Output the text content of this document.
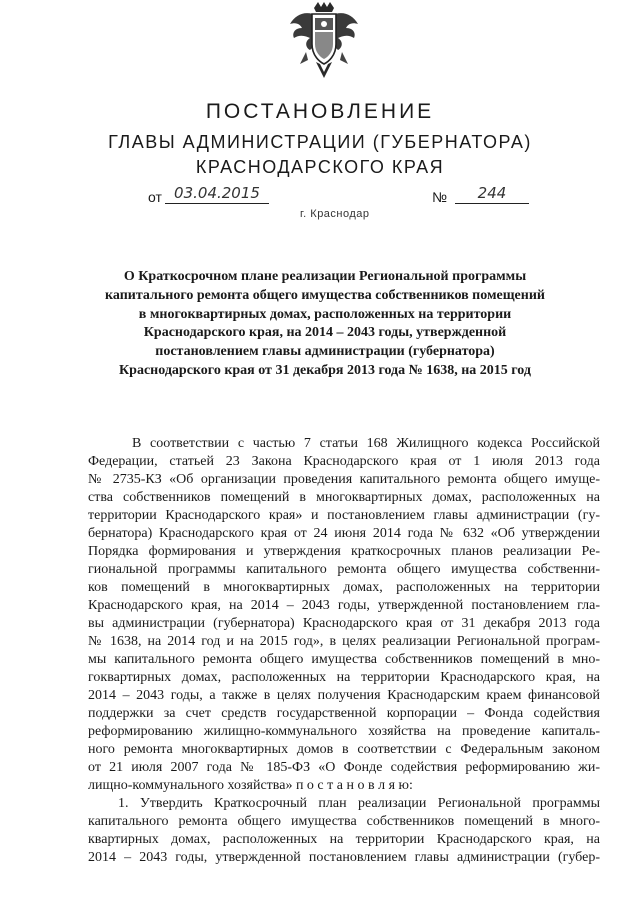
ПОСТАНОВЛЕНИЕ
ГЛАВЫ АДМИНИСТРАЦИИ (ГУБЕРНАТОРА)
КРАСНОДАРСКОГО КРАЯ
от 03.04.2015	№	244
г. Краснодар
О Краткосрочном плане реализации Региональной программы
капитального ремонта общего имущества собственников помещений
в многоквартирных домах, расположенных на территории
Краснодарского края, на 2014 – 2043 годы, утвержденной
постановлением главы администрации (губернатора)
Краснодарского края от 31 декабря 2013 года № 1638, на 2015 год
В соответствии с частью 7 статьи 168 Жилищного кодекса Российской
Федерации, статьей 23 Закона Краснодарского края от 1 июля 2013 года
№ 2735-КЗ «Об организации проведения капитального ремонта общего имуще-
ства собственников помещений в многоквартирных домах, расположенных на
территории Краснодарского края» и постановлением главы администрации (гу-
бернатора) Краснодарского края от 24 июня 2014 года № 632 «Об утверждении
Порядка формирования и утверждения краткосрочных планов реализации Ре-
гиональной программы капитального ремонта общего имущества собственни-
ков помещений в многоквартирных домах, расположенных на территории
Краснодарского края, на 2014 – 2043 годы, утвержденной постановлением гла-
вы администрации (губернатора) Краснодарского края от 31 декабря 2013 года
№ 1638, на 2014 год и на 2015 год», в целях реализации Региональной програм-
мы капитального ремонта общего имущества собственников помещений в мно-
гоквартирных домах, расположенных на территории Краснодарского края, на
2014 – 2043 годы, а также в целях получения Краснодарским краем финансовой
поддержки за счет средств государственной корпорации – Фонда содействия
реформированию жилищно-коммунального хозяйства на проведение капиталь-
ного ремонта многоквартирных домов в соответствии с Федеральным законом
от 21 июля 2007 года № 185-ФЗ «О Фонде содействия реформированию жи-
лищно-коммунального хозяйства» п о с т а н о в л я ю:
1. Утвердить Краткосрочный план реализации Региональной программы
капитального ремонта общего имущества собственников помещений в много-
квартирных домах, расположенных на территории Краснодарского края, на
2014 – 2043 годы, утвержденной постановлением главы администрации (губер-
